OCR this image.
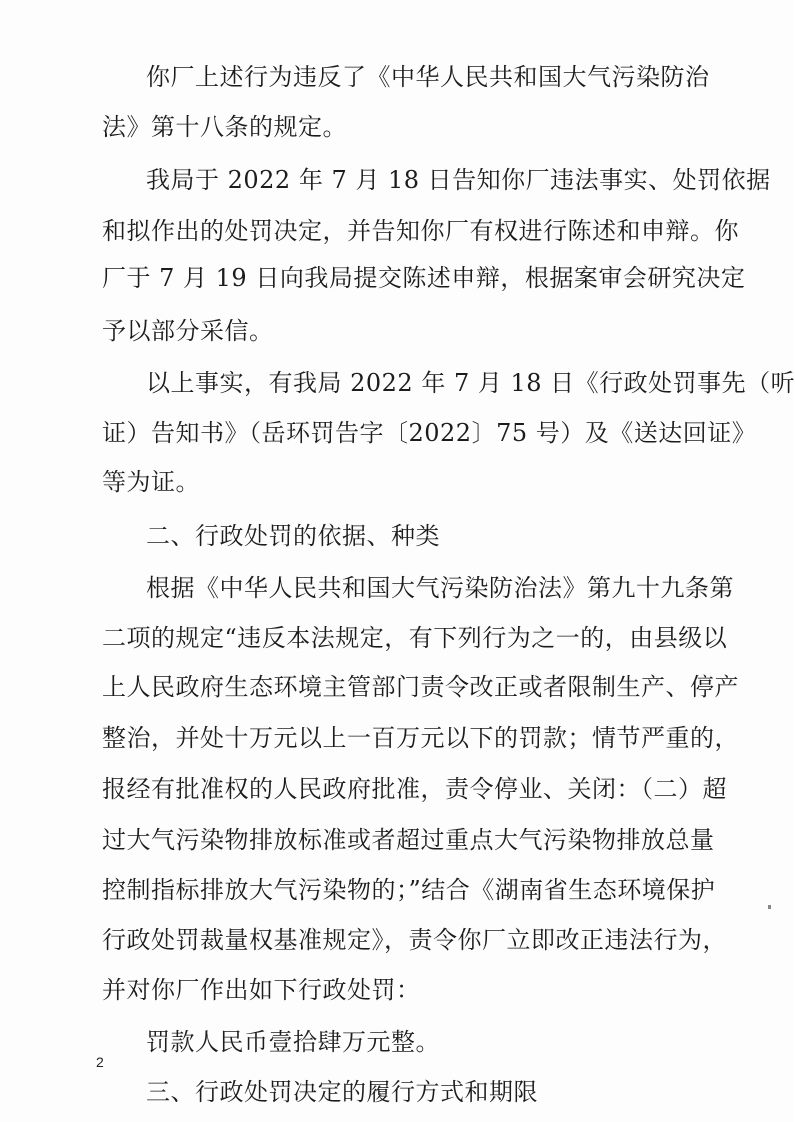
你厂上述行为违反了《中华人民共和国大气污染防治
法》第十八条的规定。
我局于 2022 年 7 月 18 日告知你厂违法事实、处罚依据
和拟作出的处罚决定，并告知你厂有权进行陈述和申辩。你
厂于 7 月 19 日向我局提交陈述申辩，根据案审会研究决定
予以部分采信。
以上事实，有我局 2022 年 7 月 18 日《行政处罚事先（听
证）告知书》（岳环罚告字〔2022〕75 号）及《送达回证》
等为证。
二、行政处罚的依据、种类
根据《中华人民共和国大气污染防治法》第九十九条第
二项的规定“违反本法规定，有下列行为之一的，由县级以
上人民政府生态环境主管部门责令改正或者限制生产、停产
整治，并处十万元以上一百万元以下的罚款；情节严重的，
报经有批准权的人民政府批准，责令停业、关闭：（二）超
过大气污染物排放标准或者超过重点大气污染物排放总量
控制指标排放大气污染物的；”结合《湖南省生态环境保护
行政处罚裁量权基准规定》，责令你厂立即改正违法行为，
并对你厂作出如下行政处罚：
罚款人民币壹拾肆万元整。
三、行政处罚决定的履行方式和期限
2
